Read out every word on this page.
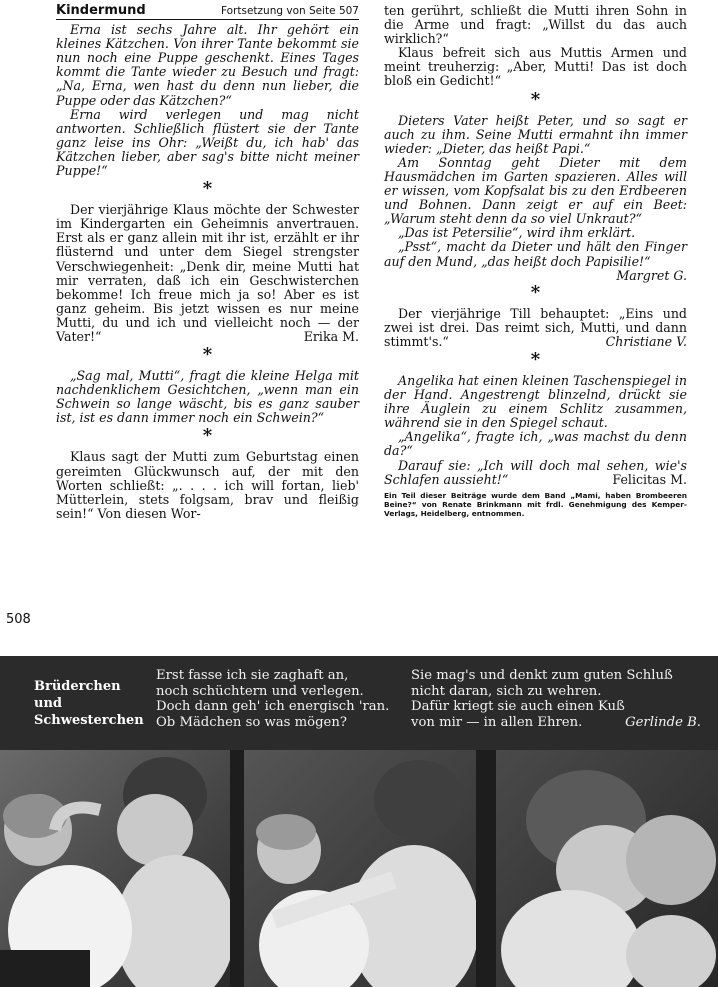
Kindermund	Fortsetzung von Seite 507

Erna ist sechs Jahre alt. Ihr gehört ein kleines Kätzchen. Von ihrer Tante bekommt sie nun noch eine Puppe geschenkt. Eines Tages kommt die Tante wieder zu Besuch und fragt: „Na, Erna, wen hast du denn nun lieber, die Puppe oder das Kätzchen?“

Erna wird verlegen und mag nicht antworten. Schließlich flüstert sie der Tante ganz leise ins Ohr: „Weißt du, ich hab' das Kätzchen lieber, aber sag's bitte nicht meiner Puppe!“

*

Der vierjährige Klaus möchte der Schwester im Kindergarten ein Geheimnis anvertrauen. Erst als er ganz allein mit ihr ist, erzählt er ihr flüsternd und unter dem Siegel strengster Verschwiegenheit: „Denk dir, meine Mutti hat mir verraten, daß ich ein Geschwisterchen bekomme! Ich freue mich ja so! Aber es ist ganz geheim. Bis jetzt wissen es nur meine Mutti, du und ich und vielleicht noch — der Vater!“	Erika M.

*

„Sag mal, Mutti“, fragt die kleine Helga mit nachdenklichem Gesichtchen, „wenn man ein Schwein so lange wäscht, bis es ganz sauber ist, ist es dann immer noch ein Schwein?“

*

Klaus sagt der Mutti zum Geburtstag einen gereimten Glückwunsch auf, der mit den Worten schließt: „. . . . ich will fortan, lieb' Mütterlein, stets folgsam, brav und fleißig sein!“ Von diesen Wor-

ten gerührt, schließt die Mutti ihren Sohn in die Arme und fragt: „Willst du das auch wirklich?“

Klaus befreit sich aus Muttis Armen und meint treuherzig: „Aber, Mutti! Das ist doch bloß ein Gedicht!“

*

Dieters Vater heißt Peter, und so sagt er auch zu ihm. Seine Mutti ermahnt ihn immer wieder: „Dieter, das heißt Papi.“

Am Sonntag geht Dieter mit dem Hausmädchen im Garten spazieren. Alles will er wissen, vom Kopfsalat bis zu den Erdbeeren und Bohnen. Dann zeigt er auf ein Beet: „Warum steht denn da so viel Unkraut?“

„Das ist Petersilie“, wird ihm erklärt.

„Psst“, macht da Dieter und hält den Finger auf den Mund, „das heißt doch Papisilie!“
Margret G.

*

Der vierjährige Till behauptet: „Eins und zwei ist drei. Das reimt sich, Mutti, und dann stimmt's.“	Christiane V.

*

Angelika hat einen kleinen Taschenspiegel in der Hand. Angestrengt blinzelnd, drückt sie ihre Äuglein zu einem Schlitz zusammen, während sie in den Spiegel schaut.

„Angelika“, fragte ich, „was machst du denn da?“

Darauf sie: „Ich will doch mal sehen, wie's Schlafen aussieht!“	Felicitas M.

Ein Teil dieser Beiträge wurde dem Band „Mami, haben Brombeeren Beine?“ von Renate Brinkmann mit frdl. Genehmigung des Kemper-Verlags, Heidelberg, entnommen.
508
Brüderchen
und
Schwesterchen
Erst fasse ich sie zaghaft an,
noch schüchtern und verlegen.
Doch dann geh' ich energisch 'ran.
Ob Mädchen so was mögen?
Sie mag's und denkt zum guten Schluß
nicht daran, sich zu wehren.
Dafür kriegt sie auch einen Kuß
von mir — in allen Ehren.	Gerlinde B.
